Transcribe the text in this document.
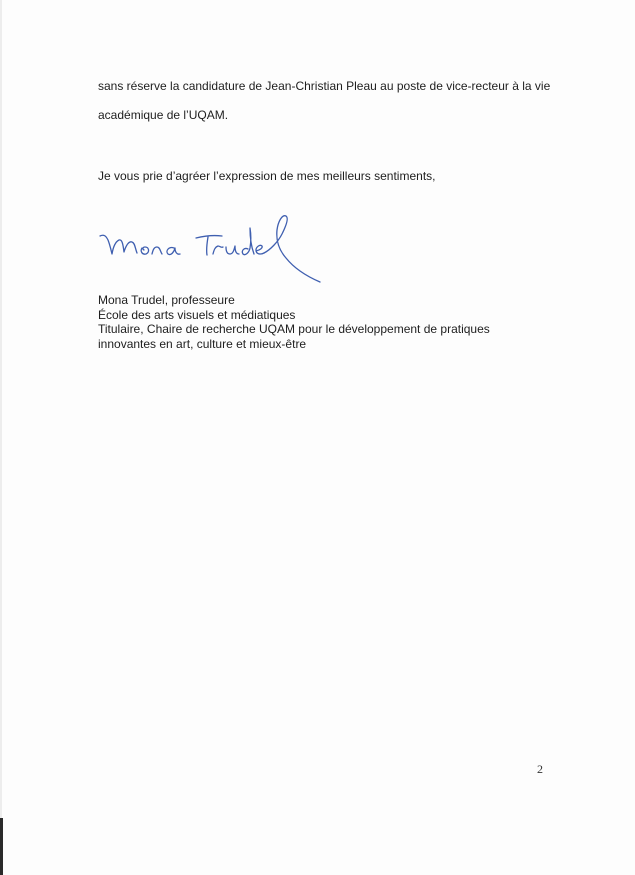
sans réserve la candidature de Jean-Christian Pleau au poste de vice-recteur à la vie académique de l’UQAM.

Je vous prie d’agréer l’expression de mes meilleurs sentiments,

Mona Trudel, professeure
École des arts visuels et médiatiques
Titulaire, Chaire de recherche UQAM pour le développement de pratiques
innovantes en art, culture et mieux-être
2
